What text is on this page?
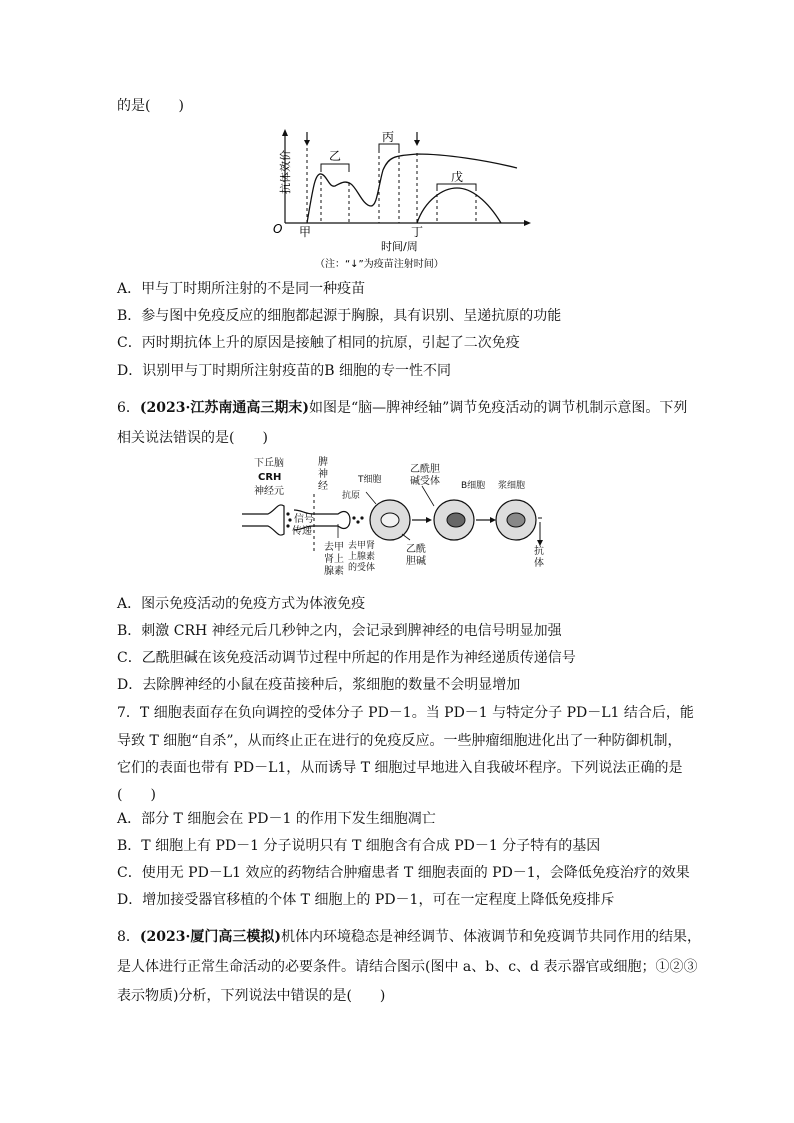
的是(　　)
抗体效价
O
乙
丙
戊
甲	丁
时间/周
（注：“↓”为疫苗注射时间）
A．甲与丁时期所注射的不是同一种疫苗
B．参与图中免疫反应的细胞都起源于胸腺，具有识别、呈递抗原的功能
C．丙时期抗体上升的原因是接触了相同的抗原，引起了二次免疫
D．识别甲与丁时期所注射疫苗的B 细胞的专一性不同
6．(2023·江苏南通高三期末)如图是“脑—脾神经轴”调节免疫活动的调节机制示意图。下列
相关说法错误的是(　　)
下丘脑
CRH
神经元
脾
神
经
信号
传递
抗原
T细胞
乙酰胆
碱受体 B细胞 浆细胞
去甲
肾上
腺素
去甲肾
上腺素
的受体
乙酰
胆碱
抗
体
A．图示免疫活动的免疫方式为体液免疫
B．刺激 CRH 神经元后几秒钟之内，会记录到脾神经的电信号明显加强
C．乙酰胆碱在该免疫活动调节过程中所起的作用是作为神经递质传递信号
D．去除脾神经的小鼠在疫苗接种后，浆细胞的数量不会明显增加
7．T 细胞表面存在负向调控的受体分子 PD－1。当 PD－1 与特定分子 PD－L1 结合后，能
导致 T 细胞“自杀”，从而终止正在进行的免疫反应。一些肿瘤细胞进化出了一种防御机制，
它们的表面也带有 PD－L1，从而诱导 T 细胞过早地进入自我破坏程序。下列说法正确的是
(　　)
A．部分 T 细胞会在 PD－1 的作用下发生细胞凋亡
B．T 细胞上有 PD－1 分子说明只有 T 细胞含有合成 PD－1 分子特有的基因
C．使用无 PD－L1 效应的药物结合肿瘤患者 T 细胞表面的 PD－1，会降低免疫治疗的效果
D．增加接受器官移植的个体 T 细胞上的 PD－1，可在一定程度上降低免疫排斥
8．(2023·厦门高三模拟)机体内环境稳态是神经调节、体液调节和免疫调节共同作用的结果，
是人体进行正常生命活动的必要条件。请结合图示(图中 a、b、c、d 表示器官或细胞；①②③
表示物质)分析，下列说法中错误的是(　　)
